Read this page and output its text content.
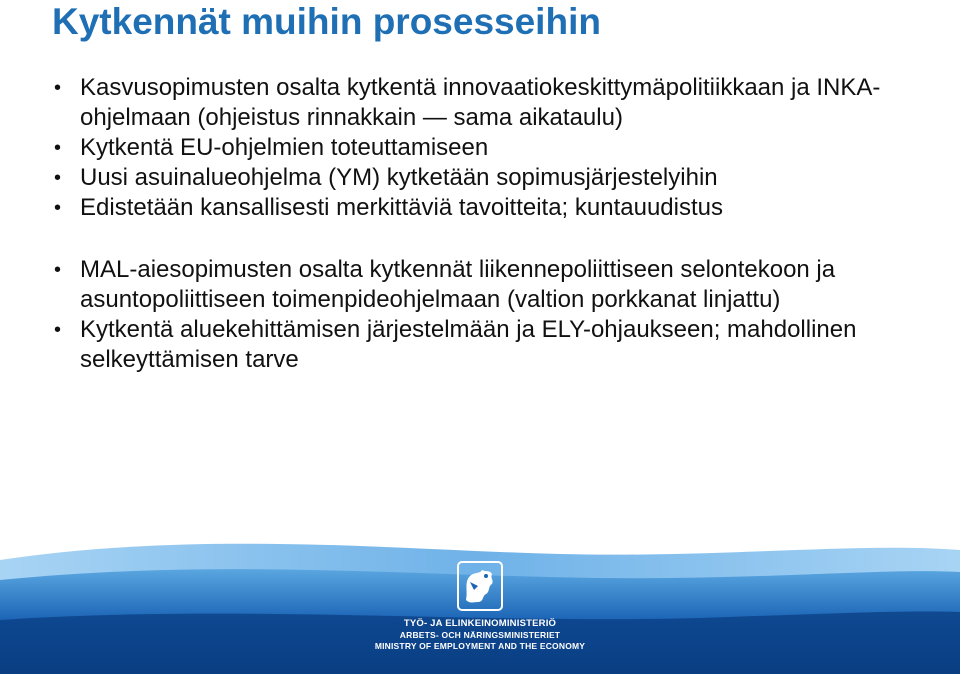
Kytkennät muihin prosesseihin
• Kasvusopimusten osalta kytkentä innovaatiokeskittymäpolitiikkaan ja INKA-ohjelmaan (ohjeistus rinnakkain — sama aikataulu)
• Kytkentä EU-ohjelmien toteuttamiseen
• Uusi asuinalueohjelma (YM) kytketään sopimusjärjestelyihin
• Edistetään kansallisesti merkittäviä tavoitteita; kuntauudistus
• MAL-aiesopimusten osalta kytkennät liikennepoliittiseen selontekoon ja asuntopoliittiseen toimenpideohjelmaan (valtion porkkanat linjattu)
• Kytkentä aluekehittämisen järjestelmään ja ELY-ohjaukseen; mahdollinen selkeyttämisen tarve
TYÖ- JA ELINKEINOMINISTERIÖ
ARBETS- OCH NÄRINGSMINISTERIET
MINISTRY OF EMPLOYMENT AND THE ECONOMY
